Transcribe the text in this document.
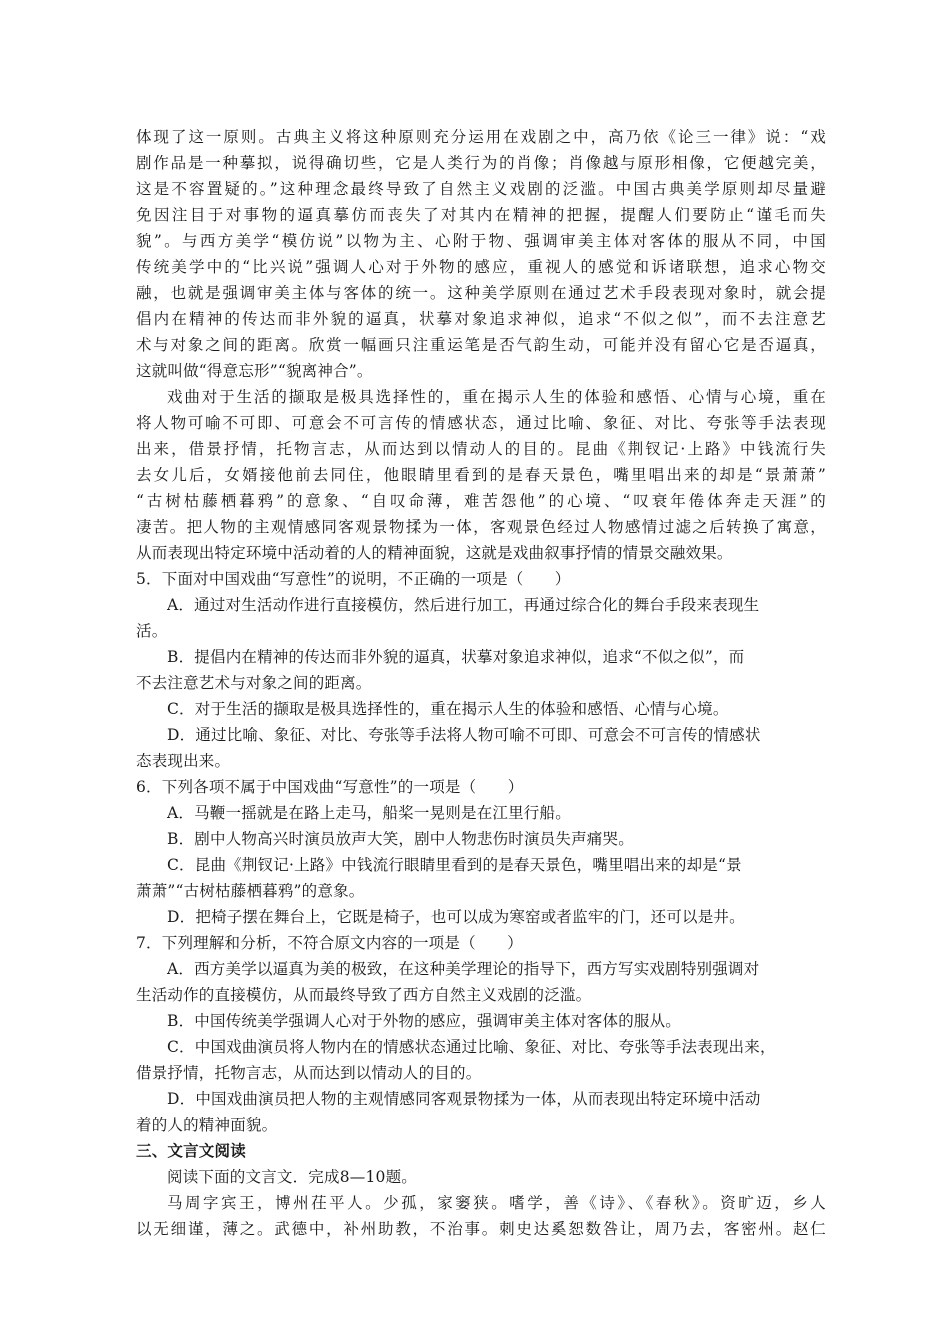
体现了这一原则。古典主义将这种原则充分运用在戏剧之中，高乃依《论三一律》说：“戏
剧作品是一种摹拟，说得确切些，它是人类行为的肖像；肖像越与原形相像，它便越完美，
这是不容置疑的。”这种理念最终导致了自然主义戏剧的泛滥。中国古典美学原则却尽量避
免因注目于对事物的逼真摹仿而丧失了对其内在精神的把握，提醒人们要防止“谨毛而失
貌”。与西方美学“模仿说”以物为主、心附于物、强调审美主体对客体的服从不同，中国
传统美学中的“比兴说”强调人心对于外物的感应，重视人的感觉和诉诸联想，追求心物交
融，也就是强调审美主体与客体的统一。这种美学原则在通过艺术手段表现对象时，就会提
倡内在精神的传达而非外貌的逼真，状摹对象追求神似，追求“不似之似”，而不去注意艺
术与对象之间的距离。欣赏一幅画只注重运笔是否气韵生动，可能并没有留心它是否逼真，
这就叫做“得意忘形”“貌离神合”。
戏曲对于生活的撷取是极具选择性的，重在揭示人生的体验和感悟、心情与心境，重在
将人物可喻不可即、可意会不可言传的情感状态，通过比喻、象征、对比、夸张等手法表现
出来，借景抒情，托物言志，从而达到以情动人的目的。昆曲《荆钗记·上路》中钱流行失
去女儿后，女婿接他前去同住，他眼睛里看到的是春天景色，嘴里唱出来的却是“景萧萧”
“古树枯藤栖暮鸦”的意象、“自叹命薄，难苦怨他”的心境、“叹衰年倦体奔走天涯”的
凄苦。把人物的主观情感同客观景物揉为一体，客观景色经过人物感情过滤之后转换了寓意，
从而表现出特定环境中活动着的人的精神面貌，这就是戏曲叙事抒情的情景交融效果。
5．下面对中国戏曲“写意性”的说明，不正确的一项是（　　）
A．通过对生活动作进行直接模仿，然后进行加工，再通过综合化的舞台手段来表现生
活。
B．提倡内在精神的传达而非外貌的逼真，状摹对象追求神似，追求“不似之似”，而
不去注意艺术与对象之间的距离。
C．对于生活的撷取是极具选择性的，重在揭示人生的体验和感悟、心情与心境。
D．通过比喻、象征、对比、夸张等手法将人物可喻不可即、可意会不可言传的情感状
态表现出来。
6．下列各项不属于中国戏曲“写意性”的一项是（　　）
A．马鞭一摇就是在路上走马，船桨一晃则是在江里行船。
B．剧中人物高兴时演员放声大笑，剧中人物悲伤时演员失声痛哭。
C．昆曲《荆钗记·上路》中钱流行眼睛里看到的是春天景色，嘴里唱出来的却是“景
萧萧”“古树枯藤栖暮鸦”的意象。
D．把椅子摆在舞台上，它既是椅子，也可以成为寒窑或者监牢的门，还可以是井。
7．下列理解和分析，不符合原文内容的一项是（　　）
A．西方美学以逼真为美的极致，在这种美学理论的指导下，西方写实戏剧特别强调对
生活动作的直接模仿，从而最终导致了西方自然主义戏剧的泛滥。
B．中国传统美学强调人心对于外物的感应，强调审美主体对客体的服从。
C．中国戏曲演员将人物内在的情感状态通过比喻、象征、对比、夸张等手法表现出来，
借景抒情，托物言志，从而达到以情动人的目的。
D．中国戏曲演员把人物的主观情感同客观景物揉为一体，从而表现出特定环境中活动
着的人的精神面貌。
三、文言文阅读
阅读下面的文言文．完成8—10题。
马周字宾王，博州茌平人。少孤，家窭狭。嗜学，善《诗》、《春秋》。资旷迈，乡人
以无细谨，薄之。武德中，补州助教，不治事。刺史达奚恕数咎让，周乃去，客密州。赵仁
